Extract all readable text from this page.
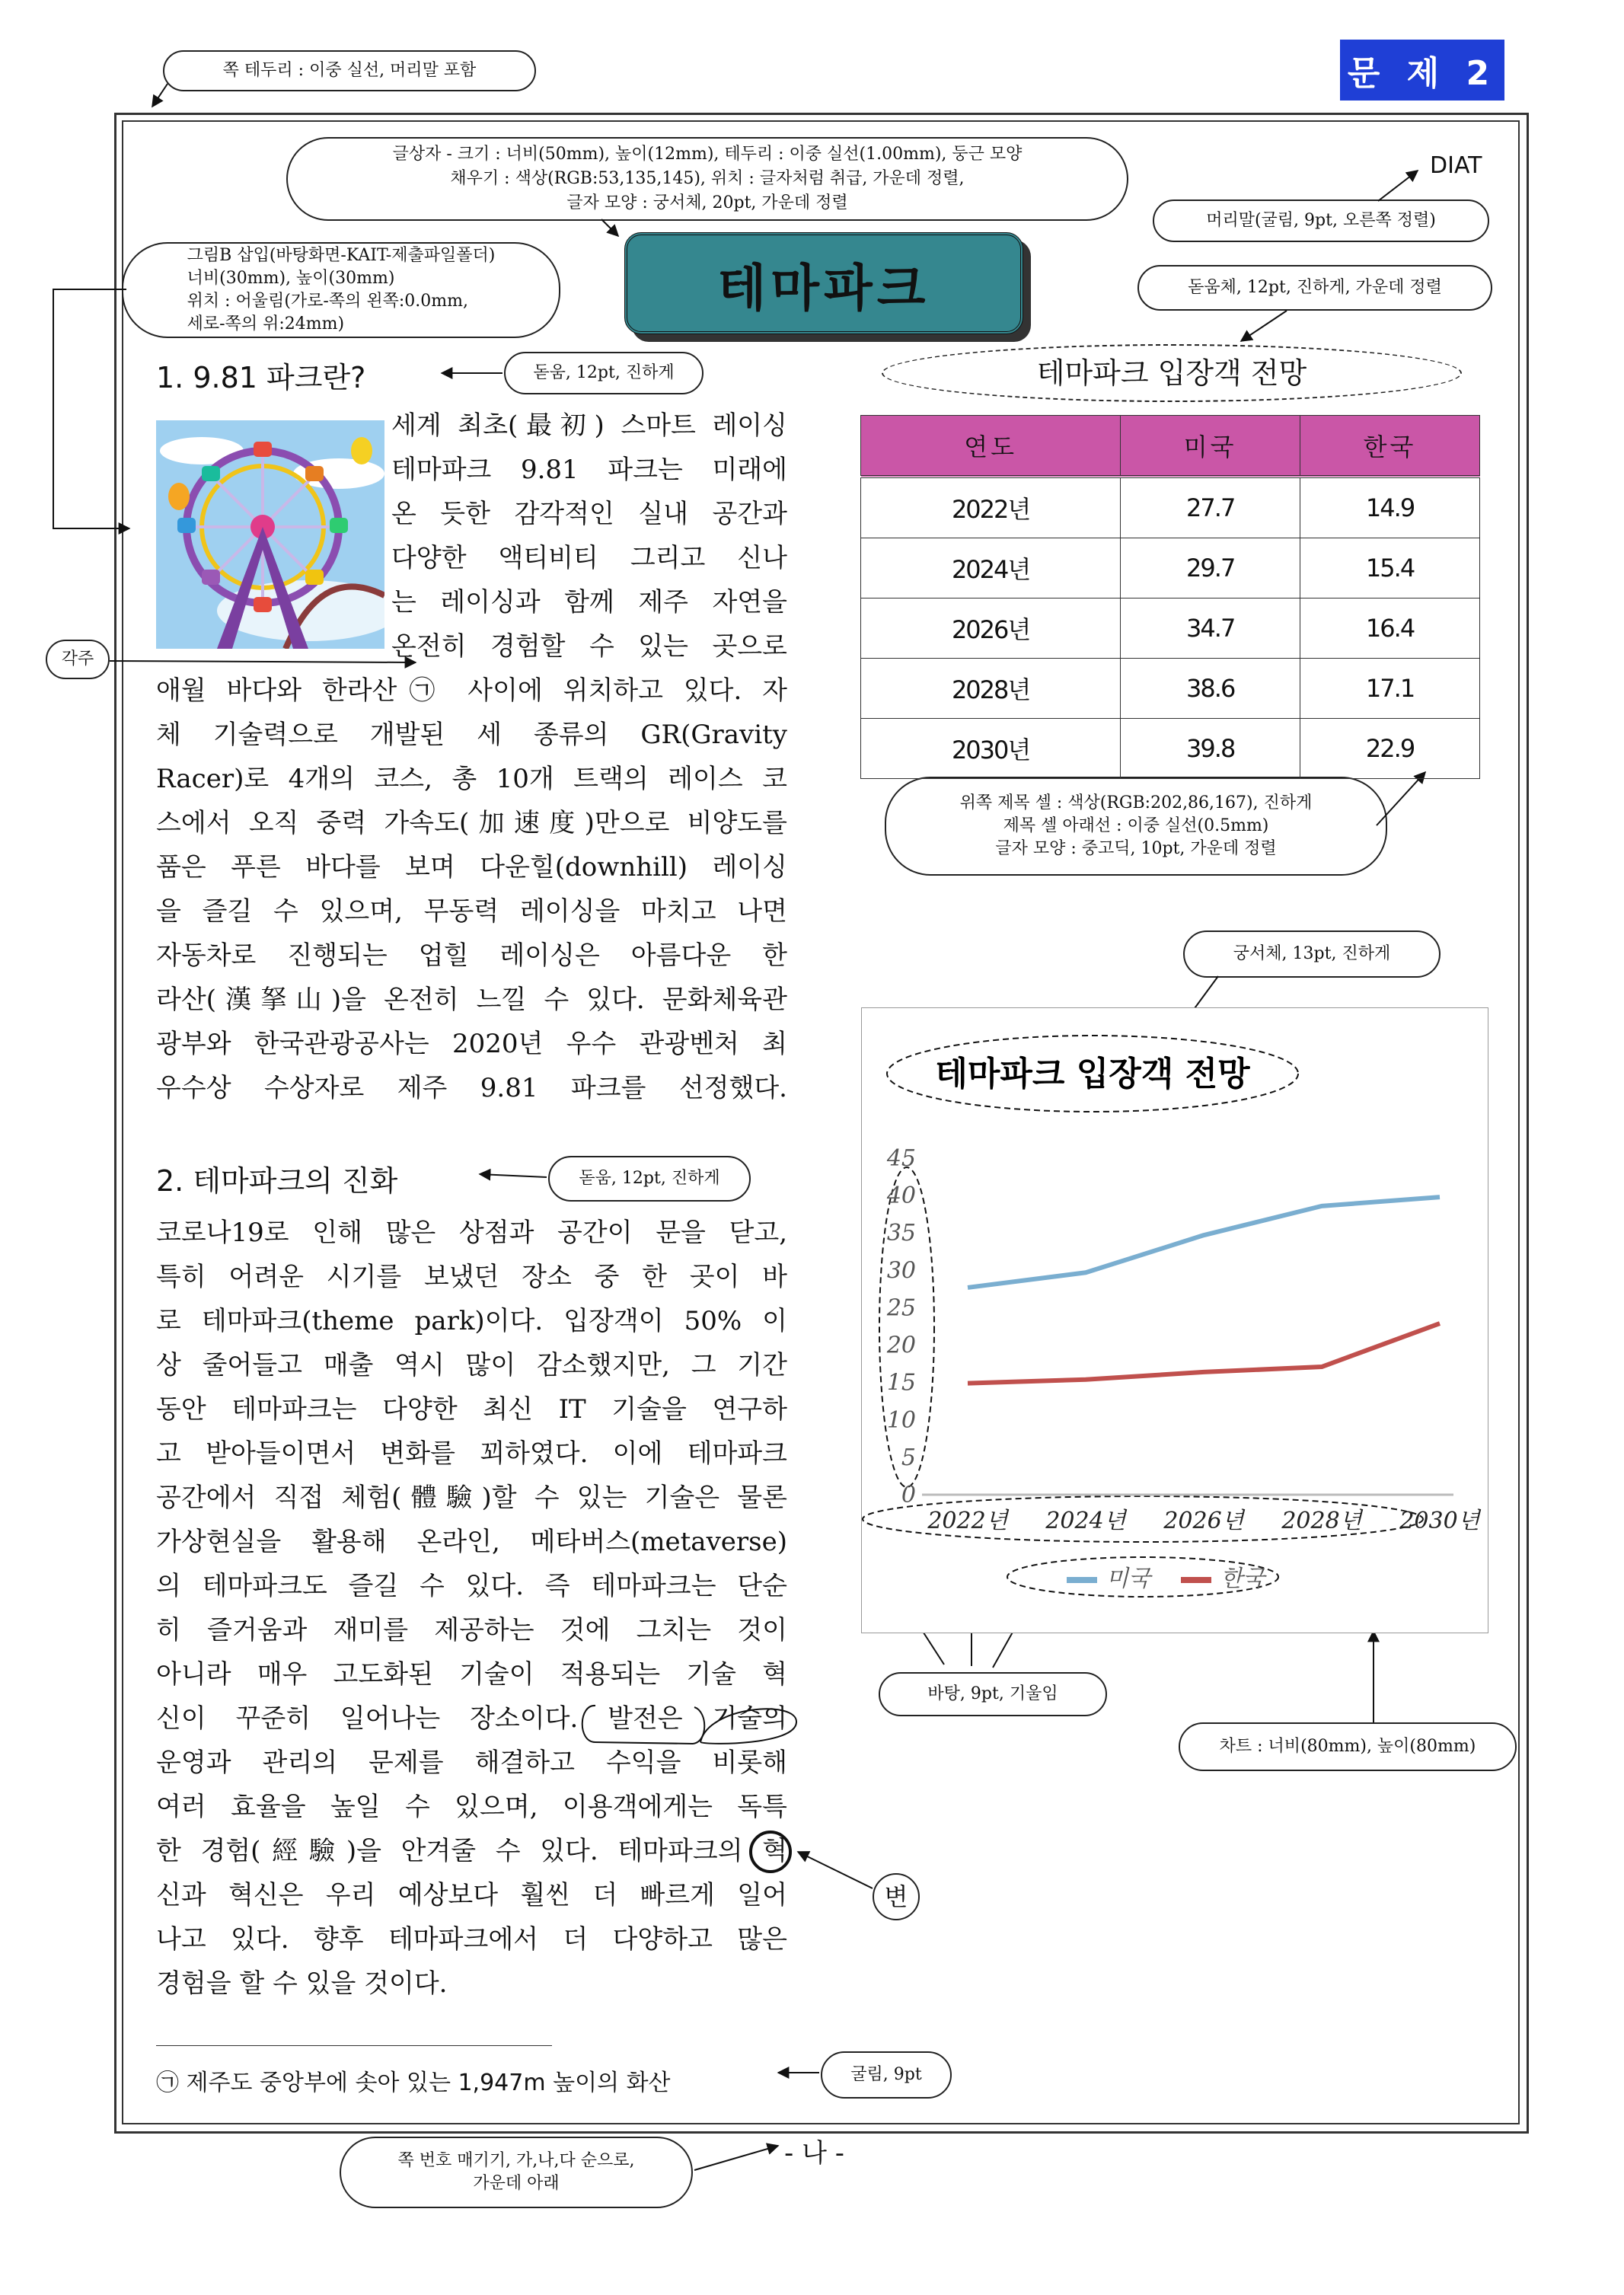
문 제 2
DIAT
쪽 테두리 : 이중 실선, 머리말 포함
글상자 - 크기 : 너비(50mm), 높이(12mm), 테두리 : 이중 실선(1.00mm), 둥근 모양
채우기 : 색상(RGB:53,135,145), 위치 : 글자처럼 취급, 가운데 정렬,
글자 모양 : 궁서체, 20pt, 가운데 정렬
머리말(굴림, 9pt, 오른쪽 정렬)
돋움체, 12pt, 진하게, 가운데 정렬
그림B 삽입(바탕화면-KAIT-제출파일폴더)
너비(30mm), 높이(30mm)
위치 : 어울림(가로-쪽의 왼쪽:0.0mm,
세로-쪽의 위:24mm)
돋움, 12pt, 진하게
각주
위쪽 제목 셀 : 색상(RGB:202,86,167), 진하게
제목 셀 아래선 : 이중 실선(0.5mm)
글자 모양 : 중고딕, 10pt, 가운데 정렬
궁서체, 13pt, 진하게
돋움, 12pt, 진하게
바탕, 9pt, 기울임
차트 : 너비(80mm), 높이(80mm)
변
굴림, 9pt
쪽 번호 매기기, 가,나,다 순으로,
가운데 아래
테마파크
1. 9.81 파크란?
세계 최초(最初) 스마트 레이싱
테마파크 9.81 파크는 미래에
온 듯한 감각적인 실내 공간과
다양한 액티비티 그리고 신나
는 레이싱과 함께 제주 자연을
온전히 경험할 수 있는 곳으로
애월 바다와 한라산㉠ 사이에 위치하고 있다. 자
체 기술력으로 개발된 세 종류의 GR(Gravity
Racer)로 4개의 코스, 총 10개 트랙의 레이스 코
스에서 오직 중력 가속도(加速度)만으로 비양도를
품은 푸른 바다를 보며 다운힐(downhill) 레이싱
을 즐길 수 있으며, 무동력 레이싱을 마치고 나면
자동차로 진행되는 업힐 레이싱은 아름다운 한
라산(漢拏山)을 온전히 느낄 수 있다. 문화체육관
광부와 한국관광공사는 2020년 우수 관광벤처 최
우수상 수상자로 제주 9.81 파크를 선정했다.
2. 테마파크의 진화
코로나19로 인해 많은 상점과 공간이 문을 닫고,
특히 어려운 시기를 보냈던 장소 중 한 곳이 바
로 테마파크(theme park)이다. 입장객이 50% 이
상 줄어들고 매출 역시 많이 감소했지만, 그 기간
동안 테마파크는 다양한 최신 IT 기술을 연구하
고 받아들이면서 변화를 꾀하였다. 이에 테마파크
공간에서 직접 체험(體驗)할 수 있는 기술은 물론
가상현실을 활용해 온라인, 메타버스(metaverse)
의 테마파크도 즐길 수 있다. 즉 테마파크는 단순
히 즐거움과 재미를 제공하는 것에 그치는 것이
아니라 매우 고도화된 기술이 적용되는 기술 혁
신이 꾸준히 일어나는 장소이다. 발전은 기술의
운영과 관리의 문제를 해결하고 수익을 비롯해
여러 효율을 높일 수 있으며, 이용객에게는 독특
한 경험(經驗)을 안겨줄 수 있다. 테마파크의 혁
신과 혁신은 우리 예상보다 훨씬 더 빠르게 일어
나고 있다. 향후 테마파크에서 더 다양하고 많은
경험을 할 수 있을 것이다.
테마파크 입장객 전망
연도	미국	한국
2022년	27.7	14.9
2024년	29.7	15.4
2026년	34.7	16.4
2028년	38.6	17.1
2030년	39.8	22.9
테마파크 입장객 전망
0
5
10
15
20
25
30
35
40
45
2022년 2024년 2026년 2028년 2030년
미국	한국
㉠ 제주도 중앙부에 솟아 있는 1,947m 높이의 화산
- 나 -
